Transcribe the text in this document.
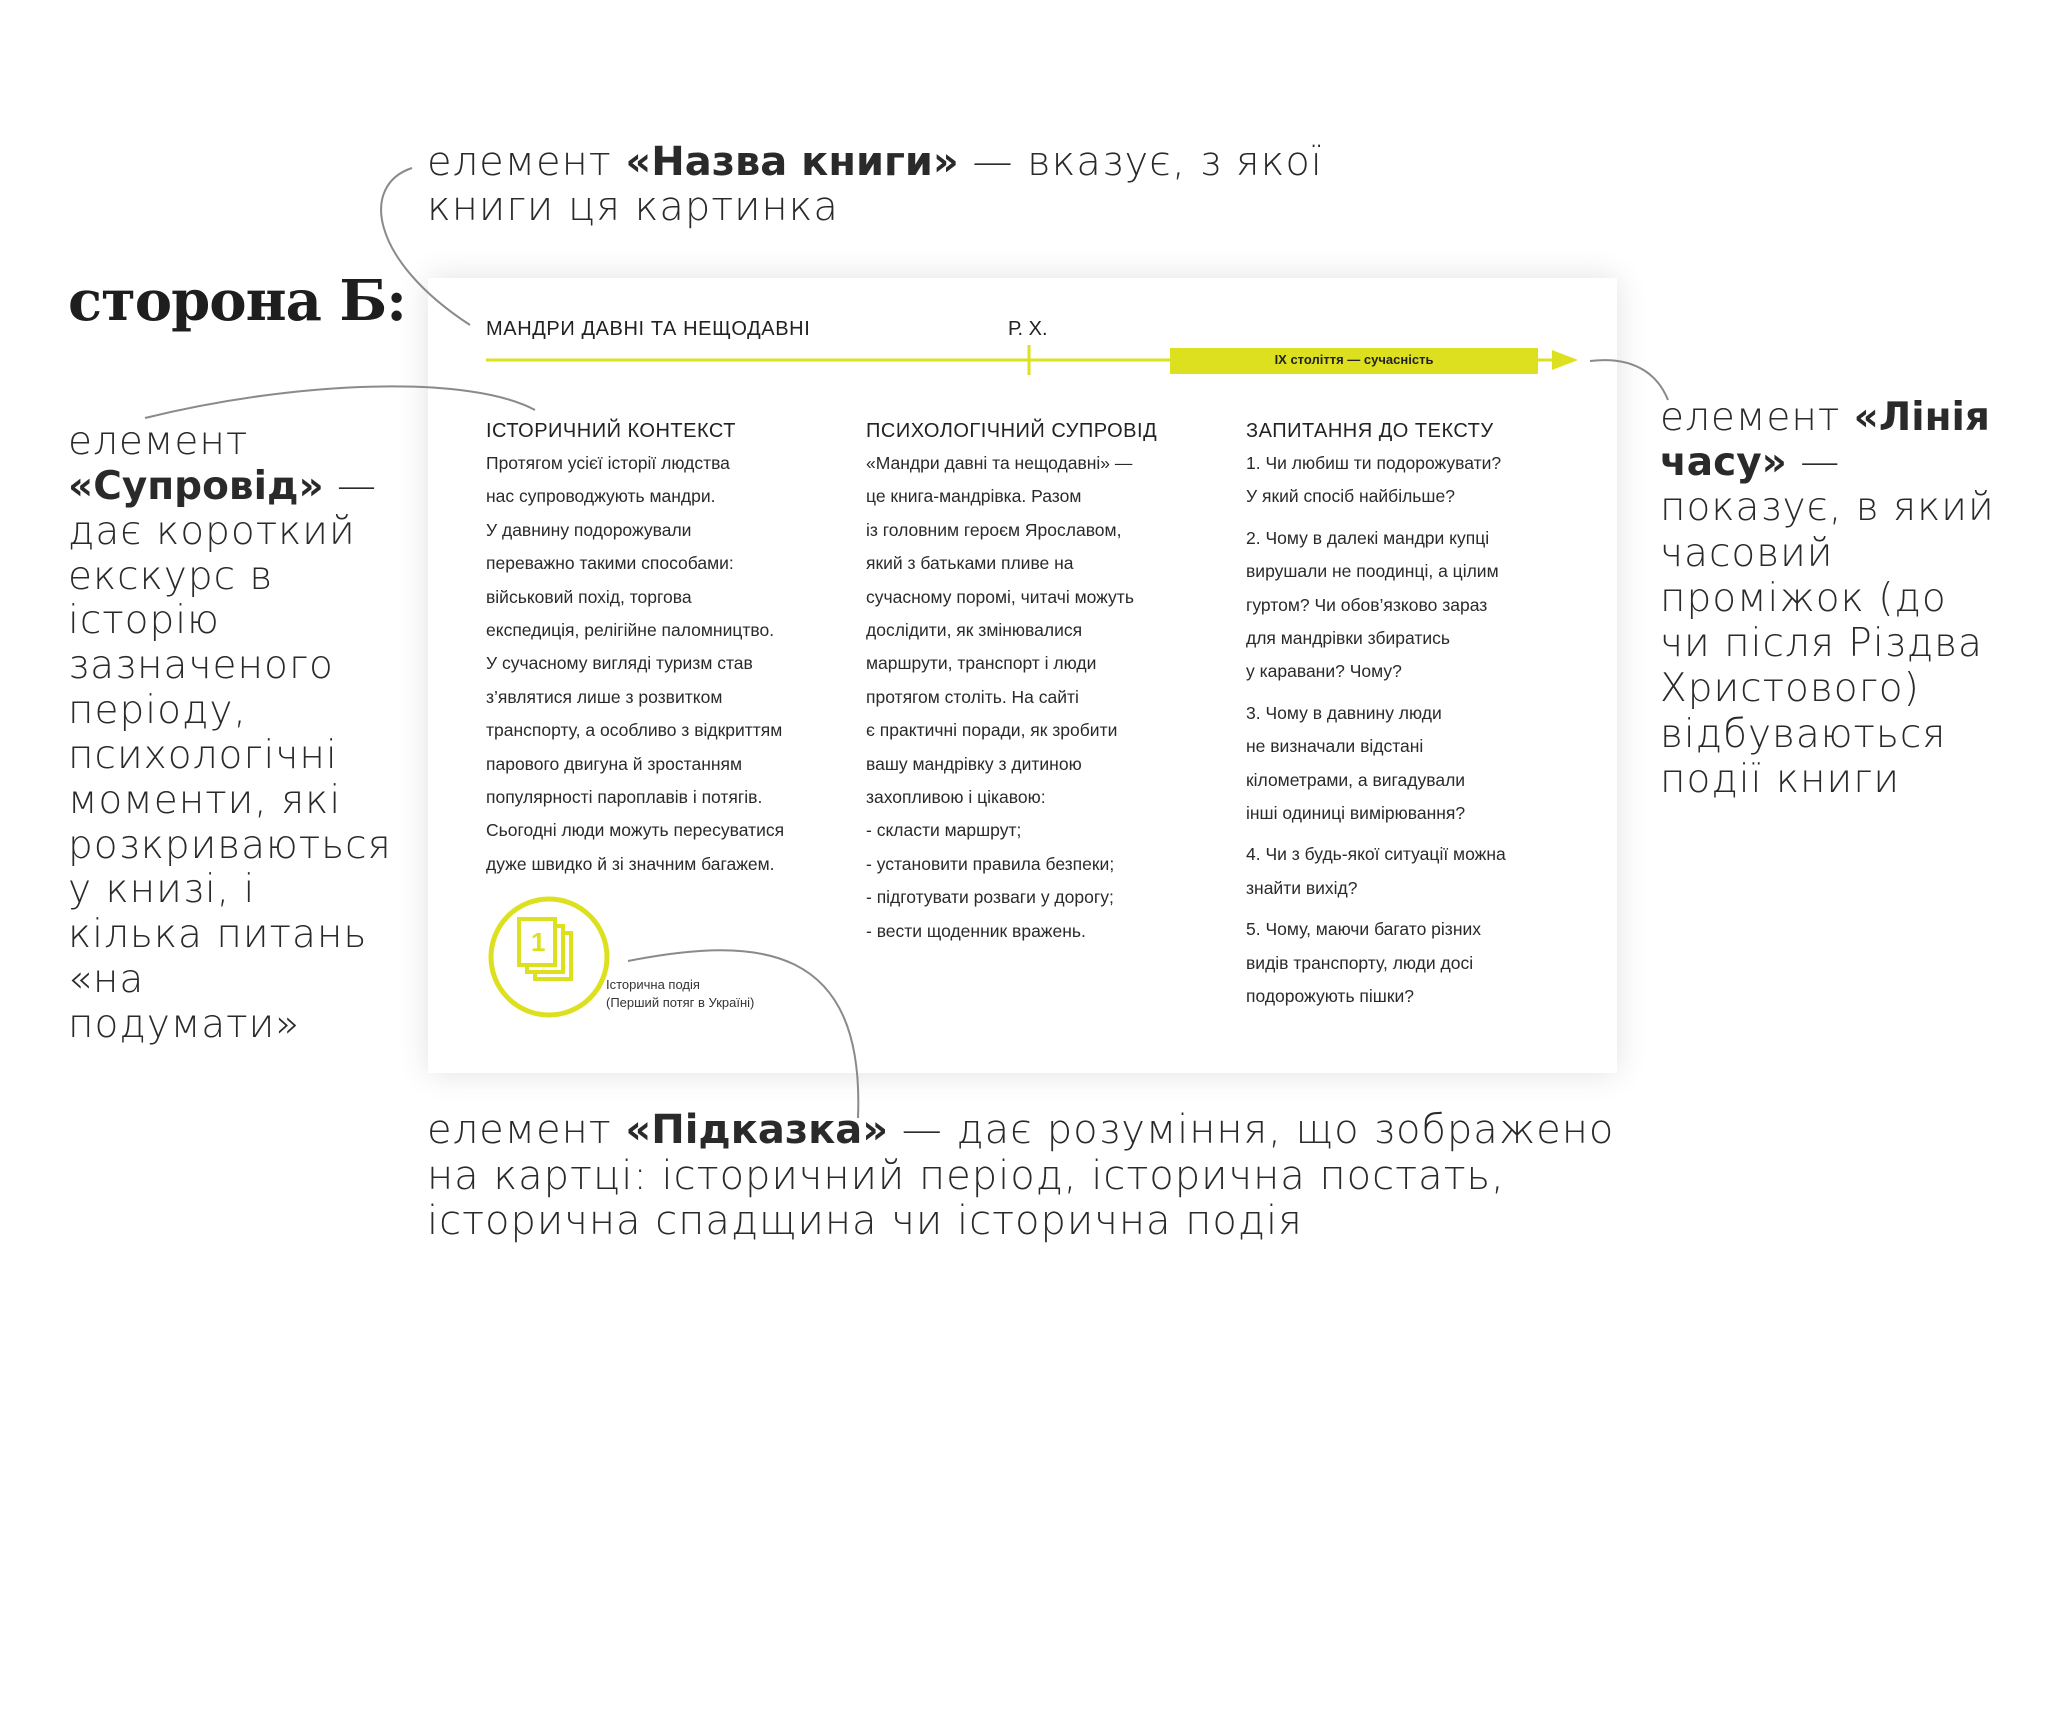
сторона Б:
елемент «Назва книги» — вказує, з якої книги ця картинка
елемент «Супровід» — дає короткий екскурс в історію зазначеного періоду, психологічні моменти, які розкриваються у книзі, і кілька питань «на подумати»
елемент «Лінія часу» — показує, в який часовий проміжок (до чи після Різдва Христового) відбуваються події книги
елемент «Підказка» — дає розуміння, що зображено на картці: історичний період, історична постать, історична спадщина чи історична подія
МАНДРИ ДАВНІ ТА НЕЩОДАВНІ	Р. Х.
IX століття — сучасність
ІСТОРИЧНИЙ КОНТЕКСТ
Протягом усієї історії людства
нас супроводжують мандри.
У давнину подорожували
переважно такими способами:
військовий похід, торгова
експедиція, релігійне паломництво.
У сучасному вигляді туризм став
з’являтися лише з розвитком
транспорту, а особливо з відкриттям
парового двигуна й зростанням
популярності пароплавів і потягів.
Сьогодні люди можуть пересуватися
дуже швидко й зі значним багажем.
ПСИХОЛОГІЧНИЙ СУПРОВІД
«Мандри давні та нещодавні» —
це книга-мандрівка. Разом
із головним героєм Ярославом,
який з батьками пливе на
сучасному поромі, читачі можуть
дослідити, як змінювалися
маршрути, транспорт і люди
протягом століть. На сайті
є практичні поради, як зробити
вашу мандрівку з дитиною
захопливою і цікавою:
- скласти маршрут;
- установити правила безпеки;
- підготувати розваги у дорогу;
- вести щоденник вражень.
ЗАПИТАННЯ ДО ТЕКСТУ
1. Чи любиш ти подорожувати?
У який спосіб найбільше?
2. Чому в далекі мандри купці
вирушали не поодинці, а цілим
гуртом? Чи обов’язково зараз
для мандрівки збиратись
у каравани? Чому?
3. Чому в давнину люди
не визначали відстані
кілометрами, а вигадували
інші одиниці вимірювання?
4. Чи з будь-якої ситуації можна
знайти вихід?
5. Чому, маючи багато різних
видів транспорту, люди досі
подорожують пішки?
1
Історична подія
(Перший потяг в Україні)
